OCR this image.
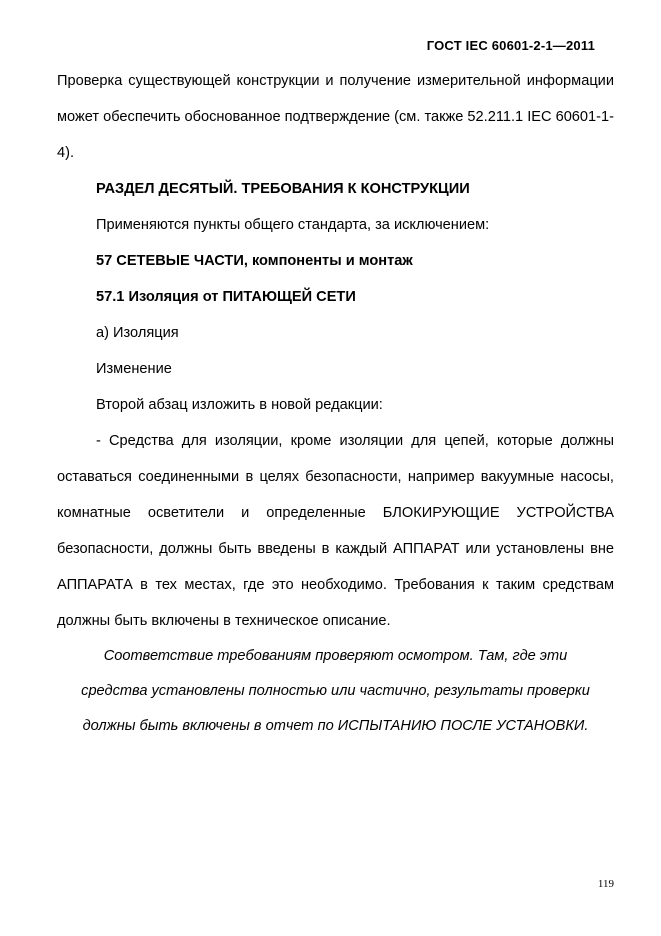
ГОСТ IEC 60601-2-1—2011

Проверка существующей конструкции и получение измерительной информации может обеспечить обоснованное подтверждение (см. также 52.211.1 IEC 60601-1-4).

РАЗДЕЛ ДЕСЯТЫЙ. ТРЕБОВАНИЯ К КОНСТРУКЦИИ

Применяются пункты общего стандарта, за исключением:

57 СЕТЕВЫЕ ЧАСТИ, компоненты и монтаж

57.1 Изоляция от ПИТАЮЩЕЙ СЕТИ

а) Изоляция

Изменение

Второй абзац изложить в новой редакции:

- Средства для изоляции, кроме изоляции для цепей, которые должны оставаться соединенными в целях безопасности, например вакуумные насосы, комнатные осветители и определенные БЛОКИРУЮЩИЕ УСТРОЙСТВА безопасности, должны быть введены в каждый АППАРАТ или установлены вне АППАРАТА в тех местах, где это необходимо. Требования к таким средствам должны быть включены в техническое описание.

Соответствие требованиям проверяют осмотром. Там, где эти

средства установлены полностью или частично, результаты проверки

должны быть включены в отчет по ИСПЫТАНИЮ ПОСЛЕ УСТАНОВКИ.

119
